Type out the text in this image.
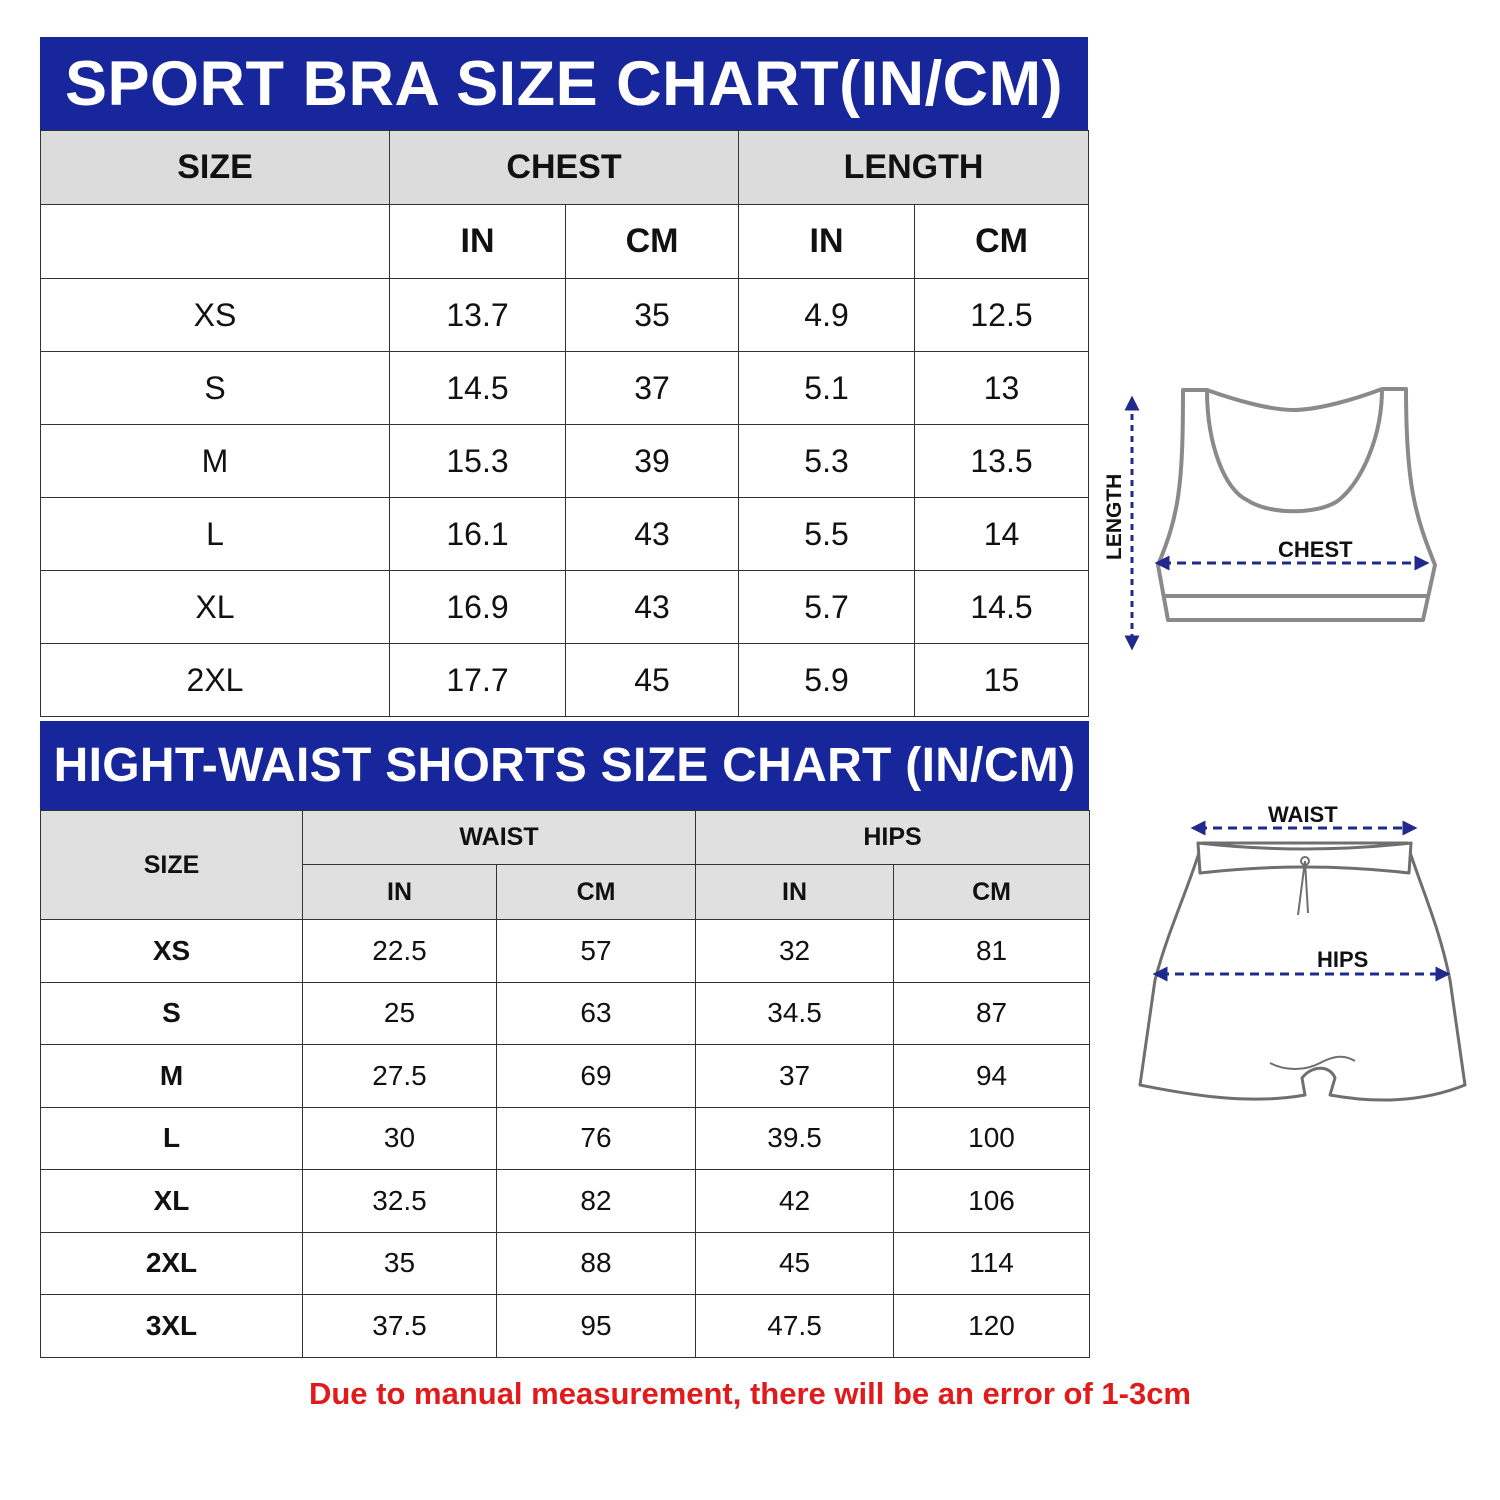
SPORT BRA SIZE CHART(IN/CM)
SIZE	CHEST		LENGTH	
	IN	CM	IN	CM
XS	13.7	35	4.9	12.5
S	14.5	37	5.1	13
M	15.3	39	5.3	13.5
L	16.1	43	5.5	14
XL	16.9	43	5.7	14.5
2XL	17.7	45	5.9	15
HIGHT-WAIST SHORTS SIZE CHART (IN/CM)
SIZE	WAIST		HIPS	
	IN	CM	IN	CM
XS	22.5	57	32	81
S	25	63	34.5	87
M	27.5	69	37	94
L	30	76	39.5	100
XL	32.5	82	42	106
2XL	35	88	45	114
3XL	37.5	95	47.5	120
LENGTH	CHEST
WAIST
HIPS
Due to manual measurement, there will be an error of 1-3cm
